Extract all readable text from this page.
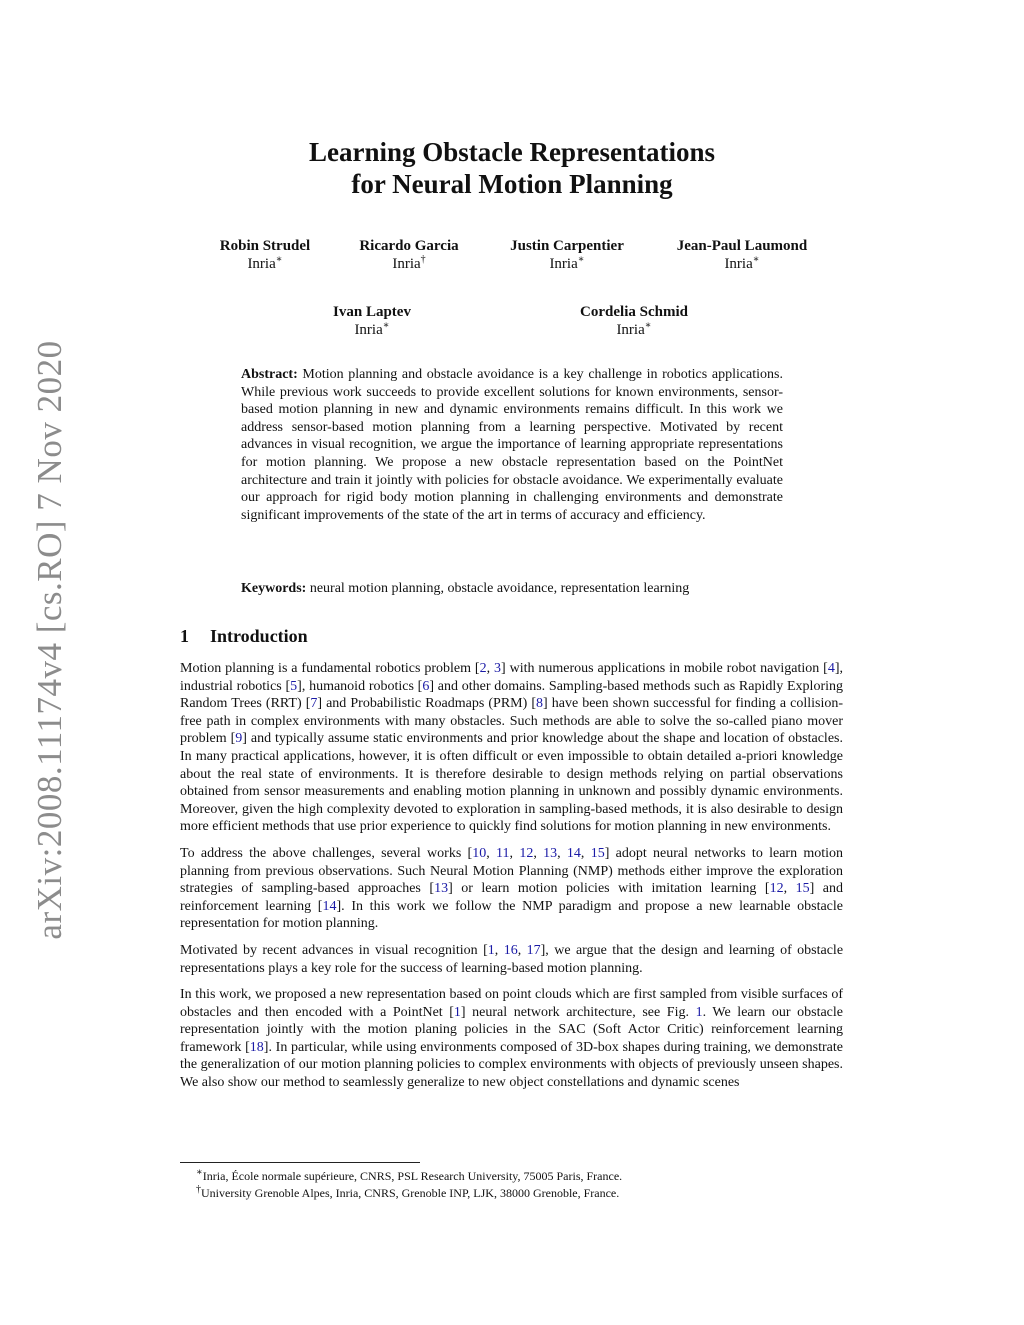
arXiv:2008.11174v4 [cs.RO] 7 Nov 2020
Learning Obstacle Representations
for Neural Motion Planning
Robin Strudel
Inria∗
Ricardo Garcia
Inria†
Justin Carpentier
Inria∗
Jean-Paul Laumond
Inria∗
Ivan Laptev
Inria∗
Cordelia Schmid
Inria∗
Abstract: Motion planning and obstacle avoidance is a key challenge in robotics applications. While previous work succeeds to provide excellent solutions for known environments, sensor-based motion planning in new and dynamic environments remains difficult. In this work we address sensor-based motion planning from a learning perspective. Motivated by recent advances in visual recognition, we argue the importance of learning appropriate representations for motion planning. We propose a new obstacle representation based on the PointNet architecture and train it jointly with policies for obstacle avoidance. We experimentally evaluate our approach for rigid body motion planning in challenging environments and demonstrate significant improvements of the state of the art in terms of accuracy and efficiency.
Keywords: neural motion planning, obstacle avoidance, representation learning
1 Introduction

Motion planning is a fundamental robotics problem [2, 3] with numerous applications in mobile robot navigation [4], industrial robotics [5], humanoid robotics [6] and other domains. Sampling-based methods such as Rapidly Exploring Random Trees (RRT) [7] and Probabilistic Roadmaps (PRM) [8] have been shown successful for finding a collision-free path in complex environments with many obstacles. Such methods are able to solve the so-called piano mover problem [9] and typically assume static environments and prior knowledge about the shape and location of obstacles. In many practical applications, however, it is often difficult or even impossible to obtain detailed a-priori knowledge about the real state of environments. It is therefore desirable to design methods relying on partial observations obtained from sensor measurements and enabling motion planning in unknown and possibly dynamic environments. Moreover, given the high complexity devoted to exploration in sampling-based methods, it is also desirable to design more efficient methods that use prior experience to quickly find solutions for motion planning in new environments.

To address the above challenges, several works [10, 11, 12, 13, 14, 15] adopt neural networks to learn motion planning from previous observations. Such Neural Motion Planning (NMP) methods either improve the exploration strategies of sampling-based approaches [13] or learn motion policies with imitation learning [12, 15] and reinforcement learning [14]. In this work we follow the NMP paradigm and propose a new learnable obstacle representation for motion planning.

Motivated by recent advances in visual recognition [1, 16, 17], we argue that the design and learning of obstacle representations plays a key role for the success of learning-based motion planning.

In this work, we proposed a new representation based on point clouds which are first sampled from visible surfaces of obstacles and then encoded with a PointNet [1] neural network architecture, see Fig. 1. We learn our obstacle representation jointly with the motion planing policies in the SAC (Soft Actor Critic) reinforcement learning framework [18]. In particular, while using environments composed of 3D-box shapes during training, we demonstrate the generalization of our motion planning policies to complex environments with objects of previously unseen shapes. We also show our method to seamlessly generalize to new object constellations and dynamic scenes

∗Inria, École normale supérieure, CNRS, PSL Research University, 75005 Paris, France.
†University Grenoble Alpes, Inria, CNRS, Grenoble INP, LJK, 38000 Grenoble, France.
